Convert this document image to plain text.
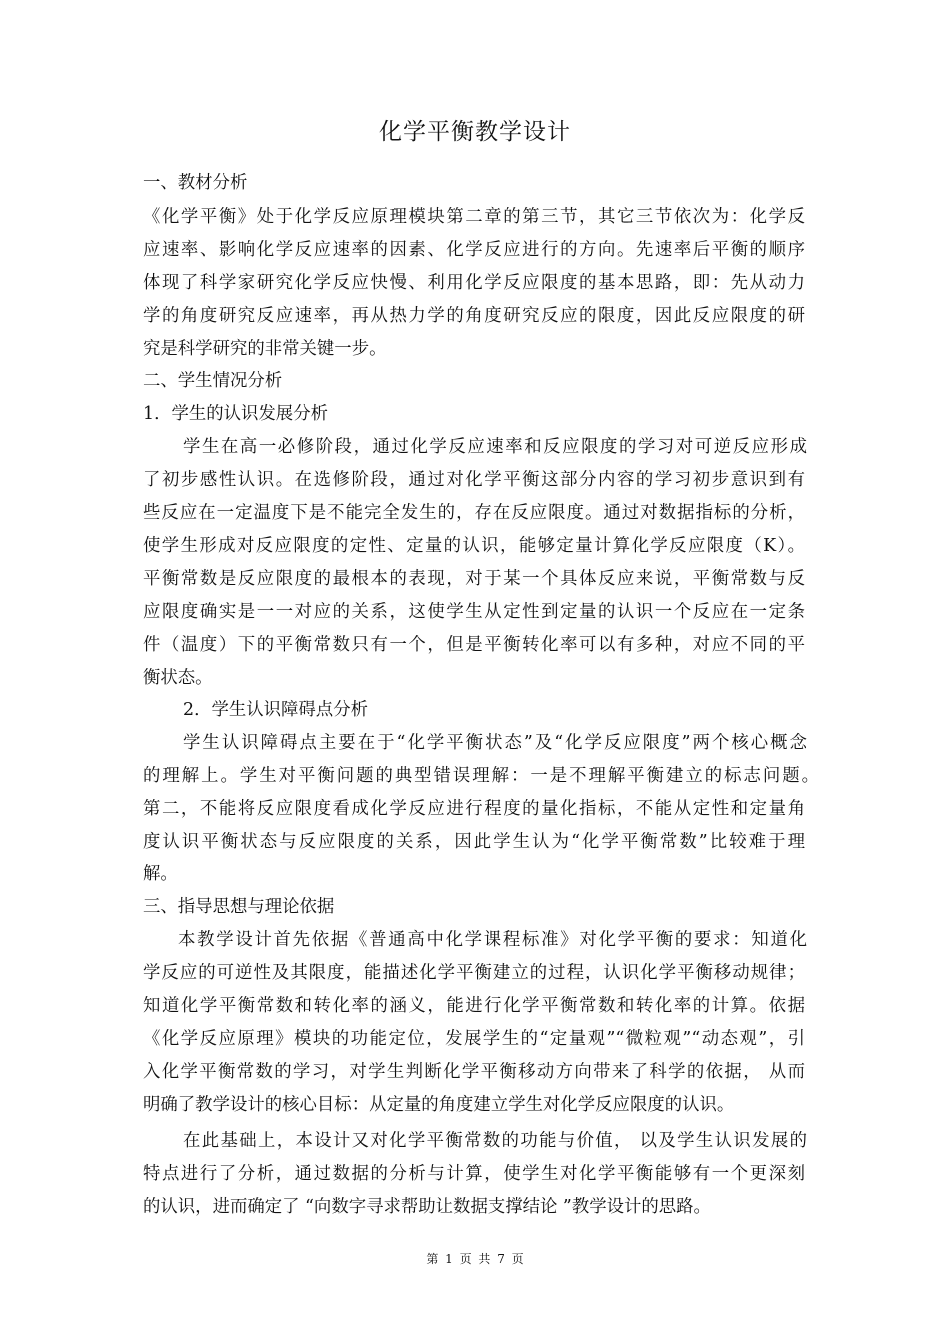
化学平衡教学设计
一、教材分析
《化学平衡》处于化学反应原理模块第二章的第三节，其它三节依次为：化学反
应速率、影响化学反应速率的因素、化学反应进行的方向。先速率后平衡的顺序
体现了科学家研究化学反应快慢、利用化学反应限度的基本思路，即：先从动力
学的角度研究反应速率，再从热力学的角度研究反应的限度，因此反应限度的研
究是科学研究的非常关键一步。
二、学生情况分析
1．学生的认识发展分析
学生在高一必修阶段，通过化学反应速率和反应限度的学习对可逆反应形成
了初步感性认识。在选修阶段，通过对化学平衡这部分内容的学习初步意识到有
些反应在一定温度下是不能完全发生的，存在反应限度。通过对数据指标的分析，
使学生形成对反应限度的定性、定量的认识，能够定量计算化学反应限度（K）。
平衡常数是反应限度的最根本的表现，对于某一个具体反应来说，平衡常数与反
应限度确实是一一对应的关系，这使学生从定性到定量的认识一个反应在一定条
件（温度）下的平衡常数只有一个，但是平衡转化率可以有多种，对应不同的平
衡状态。
2．学生认识障碍点分析
学生认识障碍点主要在于“化学平衡状态”及“化学反应限度”两个核心概念
的理解上。学生对平衡问题的典型错误理解：一是不理解平衡建立的标志问题。
第二，不能将反应限度看成化学反应进行程度的量化指标，不能从定性和定量角
度认识平衡状态与反应限度的关系，因此学生认为“化学平衡常数”比较难于理
解。
三、指导思想与理论依据
本教学设计首先依据《普通高中化学课程标准》对化学平衡的要求：知道化
学反应的可逆性及其限度，能描述化学平衡建立的过程，认识化学平衡移动规律；
知道化学平衡常数和转化率的涵义，能进行化学平衡常数和转化率的计算。依据
《化学反应原理》模块的功能定位，发展学生的“定量观”“微粒观”“动态观”，引
入化学平衡常数的学习，对学生判断化学平衡移动方向带来了科学的依据， 从而
明确了教学设计的核心目标：从定量的角度建立学生对化学反应限度的认识。
在此基础上，本设计又对化学平衡常数的功能与价值， 以及学生认识发展的
特点进行了分析，通过数据的分析与计算，使学生对化学平衡能够有一个更深刻
的认识，进而确定了 “向数字寻求帮助让数据支撑结论 ”教学设计的思路。
第 1 页 共 7 页
